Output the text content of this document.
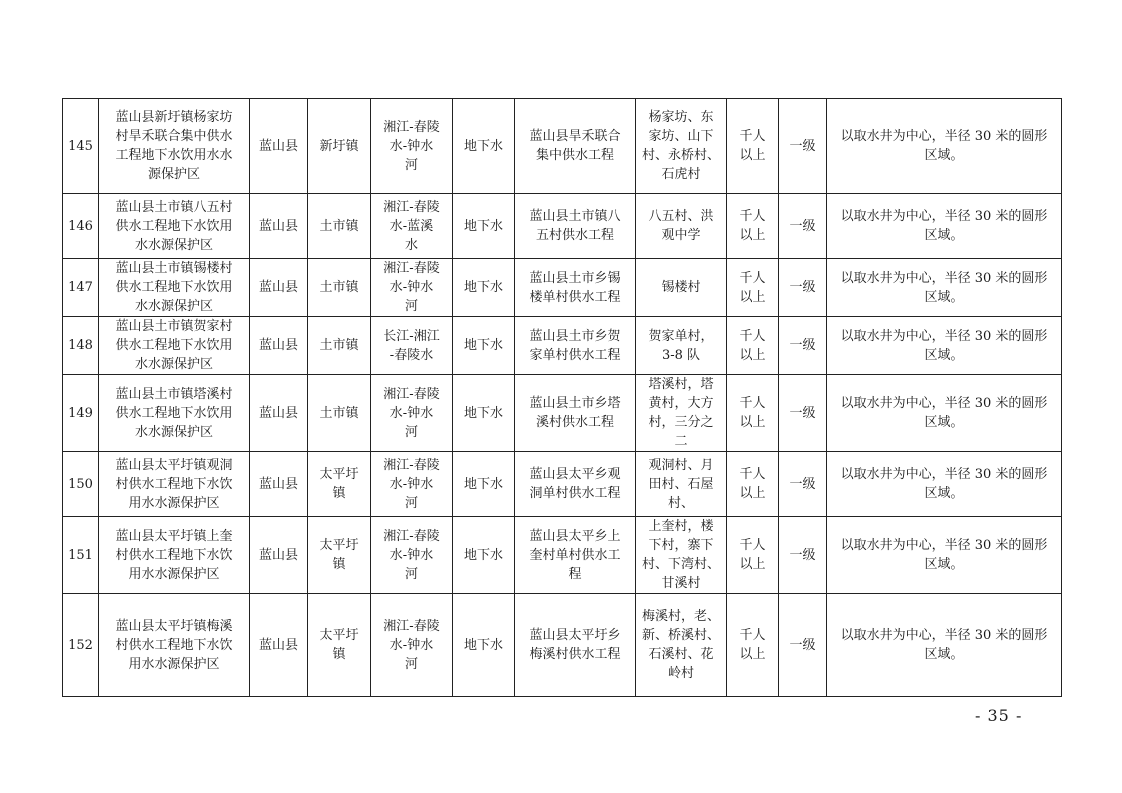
145	蓝山县新圩镇杨家坊
村旱禾联合集中供水
工程地下水饮用水水
源保护区	蓝山县	新圩镇	湘江-春陵
水-钟水
河	地下水	蓝山县旱禾联合
集中供水工程	杨家坊、东
家坊、山下
村、永桥村、
石虎村	千人
以上	一级	以取水井为中心，半径 30 米的圆形
区域。
146	蓝山县土市镇八五村
供水工程地下水饮用
水水源保护区	蓝山县	土市镇	湘江-春陵
水-蓝溪
水	地下水	蓝山县土市镇八
五村供水工程	八五村、洪
观中学	千人
以上	一级	以取水井为中心，半径 30 米的圆形
区域。
147	蓝山县土市镇锡楼村
供水工程地下水饮用
水水源保护区	蓝山县	土市镇	湘江-春陵
水-钟水
河	地下水	蓝山县土市乡锡
楼单村供水工程	锡楼村	千人
以上	一级	以取水井为中心，半径 30 米的圆形
区域。
148	蓝山县土市镇贺家村
供水工程地下水饮用
水水源保护区	蓝山县	土市镇	长江-湘江
-春陵水	地下水	蓝山县土市乡贺
家单村供水工程	贺家单村，
3-8 队	千人
以上	一级	以取水井为中心，半径 30 米的圆形
区域。
149	蓝山县土市镇塔溪村
供水工程地下水饮用
水水源保护区	蓝山县	土市镇	湘江-春陵
水-钟水
河	地下水	蓝山县土市乡塔
溪村供水工程	塔溪村，塔
黄村，大方
村，三分之
二	千人
以上	一级	以取水井为中心，半径 30 米的圆形
区域。
150	蓝山县太平圩镇观洞
村供水工程地下水饮
用水水源保护区	蓝山县	太平圩
镇	湘江-春陵
水-钟水
河	地下水	蓝山县太平乡观
洞单村供水工程	观洞村、月
田村、石屋
村、	千人
以上	一级	以取水井为中心，半径 30 米的圆形
区域。
151	蓝山县太平圩镇上奎
村供水工程地下水饮
用水水源保护区	蓝山县	太平圩
镇	湘江-春陵
水-钟水
河	地下水	蓝山县太平乡上
奎村单村供水工
程	上奎村，楼
下村，寨下
村、下湾村、
甘溪村	千人
以上	一级	以取水井为中心，半径 30 米的圆形
区域。
152	蓝山县太平圩镇梅溪
村供水工程地下水饮
用水水源保护区	蓝山县	太平圩
镇	湘江-春陵
水-钟水
河	地下水	蓝山县太平圩乡
梅溪村供水工程	梅溪村，老、
新、桥溪村、
石溪村、花
岭村	千人
以上	一级	以取水井为中心，半径 30 米的圆形
区域。
- 35 -
